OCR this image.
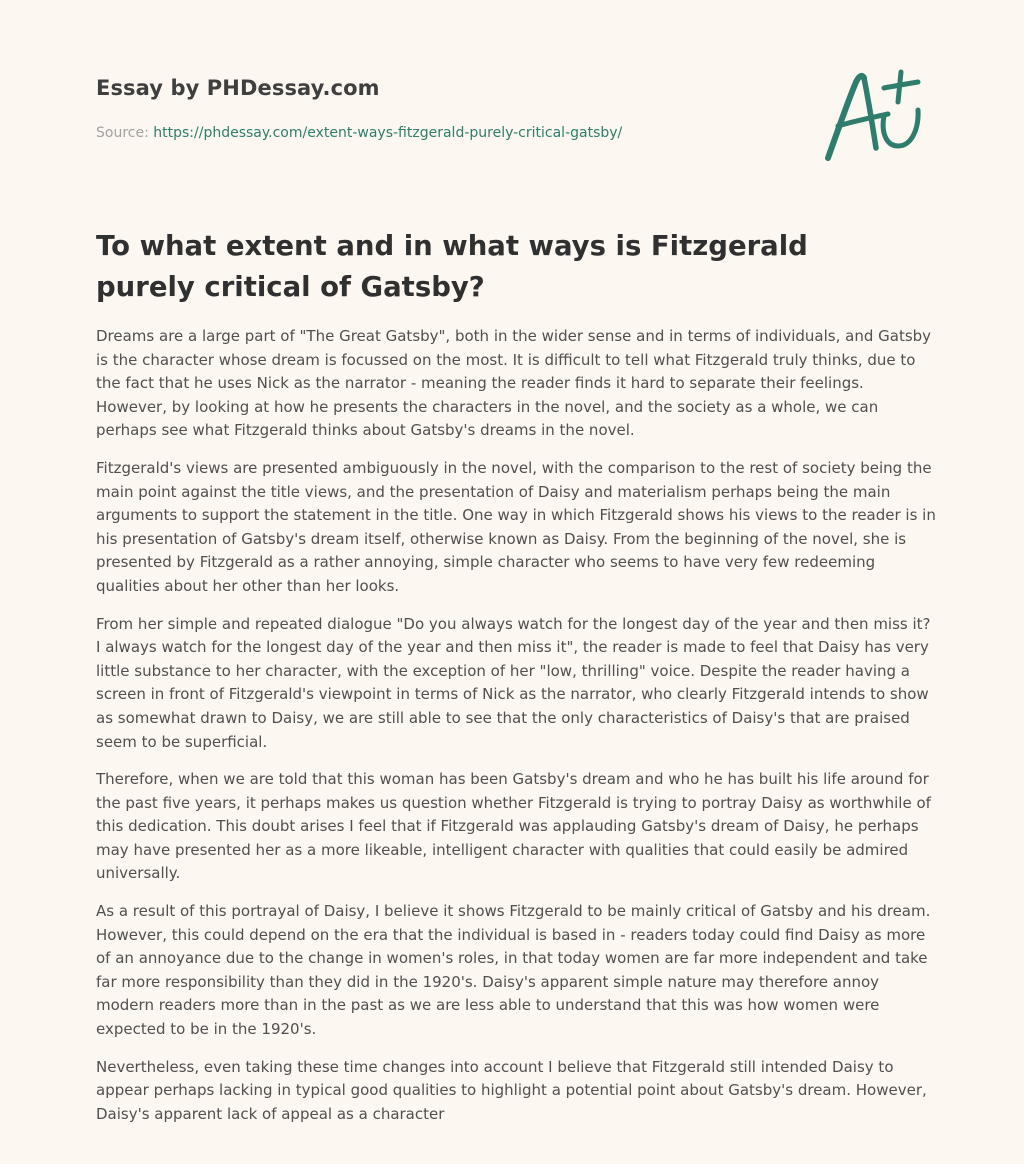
Essay by PHDessay.com
Source: https://phdessay.com/extent-ways-fitzgerald-purely-critical-gatsby/
To what extent and in what ways is Fitzgerald purely critical of Gatsby?

Dreams are a large part of "The Great Gatsby", both in the wider sense and in terms of individuals, and Gatsby is the character whose dream is focussed on the most. It is difficult to tell what Fitzgerald truly thinks, due to the fact that he uses Nick as the narrator - meaning the reader finds it hard to separate their feelings. However, by looking at how he presents the characters in the novel, and the society as a whole, we can perhaps see what Fitzgerald thinks about Gatsby's dreams in the novel.

Fitzgerald's views are presented ambiguously in the novel, with the comparison to the rest of society being the main point against the title views, and the presentation of Daisy and materialism perhaps being the main arguments to support the statement in the title. One way in which Fitzgerald shows his views to the reader is in his presentation of Gatsby's dream itself, otherwise known as Daisy. From the beginning of the novel, she is presented by Fitzgerald as a rather annoying, simple character who seems to have very few redeeming qualities about her other than her looks.

From her simple and repeated dialogue "Do you always watch for the longest day of the year and then miss it? I always watch for the longest day of the year and then miss it", the reader is made to feel that Daisy has very little substance to her character, with the exception of her "low, thrilling" voice. Despite the reader having a screen in front of Fitzgerald's viewpoint in terms of Nick as the narrator, who clearly Fitzgerald intends to show as somewhat drawn to Daisy, we are still able to see that the only characteristics of Daisy's that are praised seem to be superficial.

Therefore, when we are told that this woman has been Gatsby's dream and who he has built his life around for the past five years, it perhaps makes us question whether Fitzgerald is trying to portray Daisy as worthwhile of this dedication. This doubt arises I feel that if Fitzgerald was applauding Gatsby's dream of Daisy, he perhaps may have presented her as a more likeable, intelligent character with qualities that could easily be admired universally.

As a result of this portrayal of Daisy, I believe it shows Fitzgerald to be mainly critical of Gatsby and his dream. However, this could depend on the era that the individual is based in - readers today could find Daisy as more of an annoyance due to the change in women's roles, in that today women are far more independent and take far more responsibility than they did in the 1920's. Daisy's apparent simple nature may therefore annoy modern readers more than in the past as we are less able to understand that this was how women were expected to be in the 1920's.

Nevertheless, even taking these time changes into account I believe that Fitzgerald still intended Daisy to appear perhaps lacking in typical good qualities to highlight a potential point about Gatsby's dream. However, Daisy's apparent lack of appeal as a character
